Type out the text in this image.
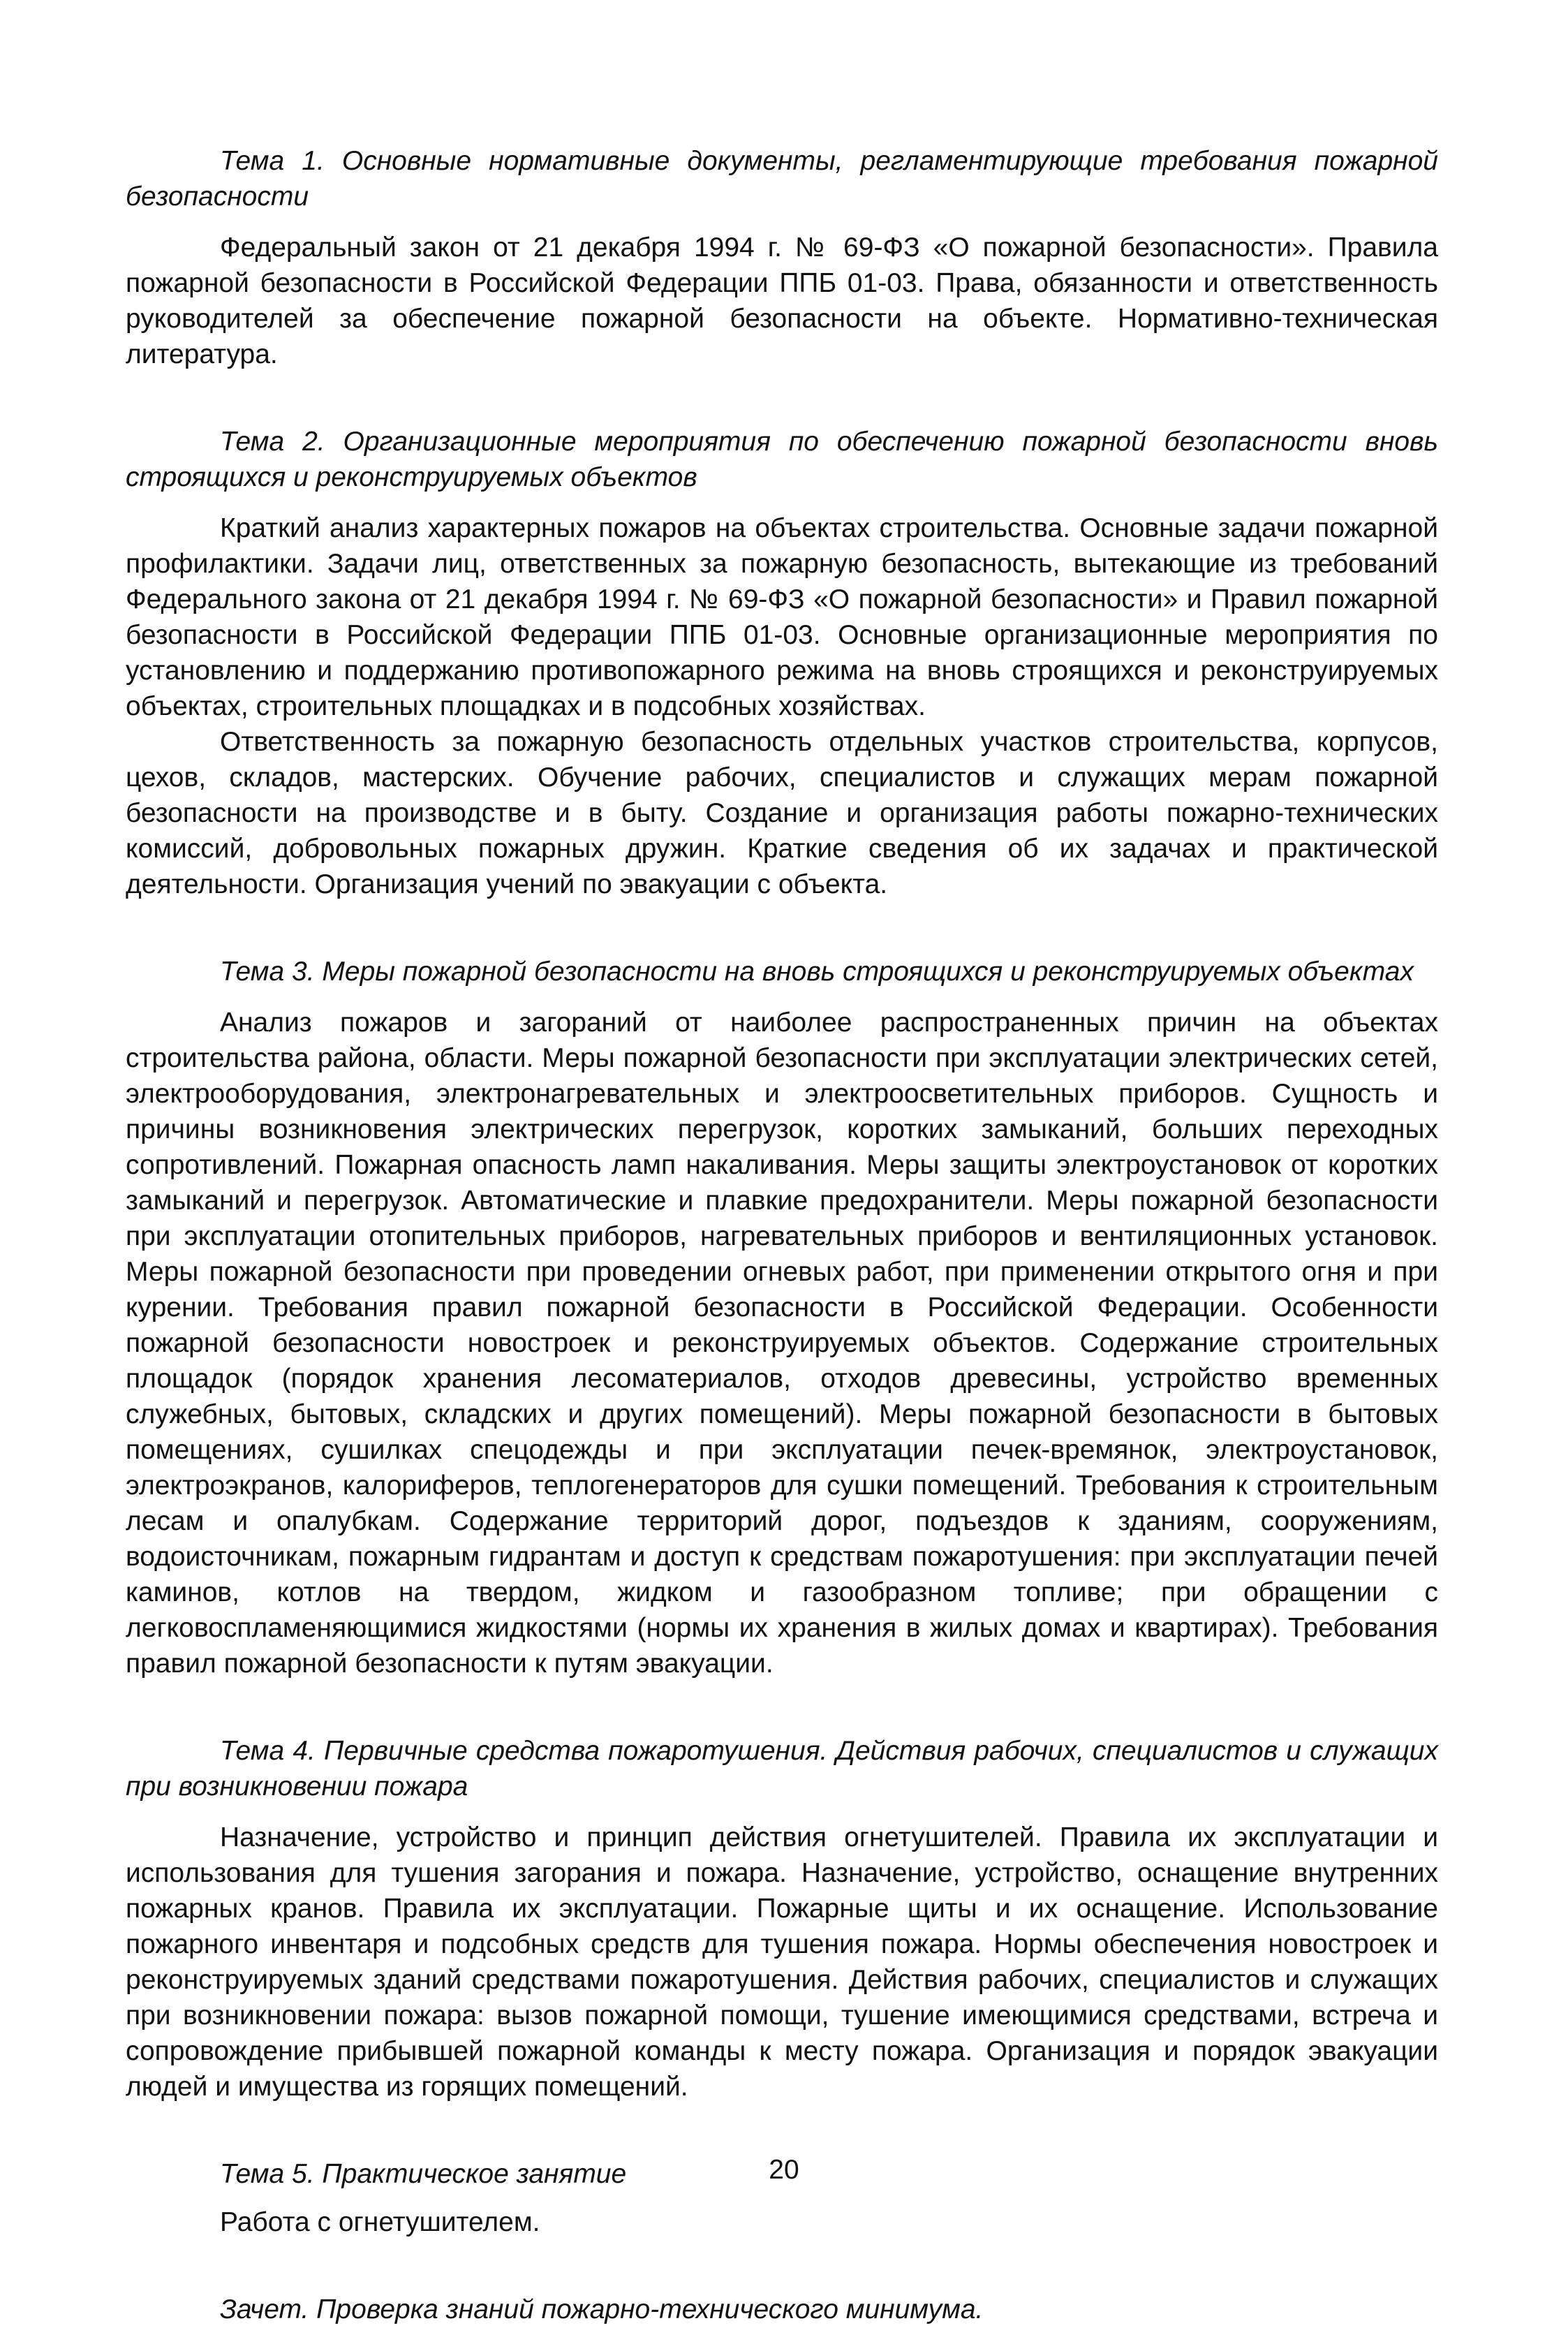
Тема 1. Основные нормативные документы, регламентирующие требования пожарной безопасности

Федеральный закон от 21 декабря 1994 г. № 69-ФЗ «О пожарной безопасности». Правила пожарной безопасности в Российской Федерации ППБ 01-03. Права, обязанности и ответственность руководителей за обеспечение пожарной безопасности на объекте. Нормативно-техническая литература.

Тема 2. Организационные мероприятия по обеспечению пожарной безопасности вновь строящихся и реконструируемых объектов

Краткий анализ характерных пожаров на объектах строительства. Основные задачи пожарной профилактики. Задачи лиц, ответственных за пожарную безопасность, вытекающие из требований Федерального закона от 21 декабря 1994 г. № 69-ФЗ «О пожарной безопасности» и Правил пожарной безопасности в Российской Федерации ППБ 01-03. Основные организационные мероприятия по установлению и поддержанию противопожарного режима на вновь строящихся и реконструируемых объектах, строительных площадках и в подсобных хозяйствах.

Ответственность за пожарную безопасность отдельных участков строительства, корпусов, цехов, складов, мастерских. Обучение рабочих, специалистов и служащих мерам пожарной безопасности на производстве и в быту. Создание и организация работы пожарно-технических комиссий, добровольных пожарных дружин. Краткие сведения об их задачах и практической деятельности. Организация учений по эвакуации с объекта.

Тема 3. Меры пожарной безопасности на вновь строящихся и реконструируемых объектах

Анализ пожаров и загораний от наиболее распространенных причин на объектах строительства района, области. Меры пожарной безопасности при эксплуатации электрических сетей, электрооборудования, электронагревательных и электроосветительных приборов. Сущность и причины возникновения электрических перегрузок, коротких замыканий, больших переходных сопротивлений. Пожарная опасность ламп накаливания. Меры защиты электроустановок от коротких замыканий и перегрузок. Автоматические и плавкие предохранители. Меры пожарной безопасности при эксплуатации отопительных приборов, нагревательных приборов и вентиляционных установок. Меры пожарной безопасности при проведении огневых работ, при применении открытого огня и при курении. Требования правил пожарной безопасности в Российской Федерации. Особенности пожарной безопасности новостроек и реконструируемых объектов. Содержание строительных площадок (порядок хранения лесоматериалов, отходов древесины, устройство временных служебных, бытовых, складских и других помещений). Меры пожарной безопасности в бытовых помещениях, сушилках спецодежды и при эксплуатации печек-времянок, электроустановок, электроэкранов, калориферов, теплогенераторов для сушки помещений. Требования к строительным лесам и опалубкам. Содержание территорий дорог, подъездов к зданиям, сооружениям, водоисточникам, пожарным гидрантам и доступ к средствам пожаротушения: при эксплуатации печей каминов, котлов на твердом, жидком и газообразном топливе; при обращении с легковоспламеняющимися жидкостями (нормы их хранения в жилых домах и квартирах). Требования правил пожарной безопасности к путям эвакуации.

Тема 4. Первичные средства пожаротушения. Действия рабочих, специалистов и служащих при возникновении пожара

Назначение, устройство и принцип действия огнетушителей. Правила их эксплуатации и использования для тушения загорания и пожара. Назначение, устройство, оснащение внутренних пожарных кранов. Правила их эксплуатации. Пожарные щиты и их оснащение. Использование пожарного инвентаря и подсобных средств для тушения пожара. Нормы обеспечения новостроек и реконструируемых зданий средствами пожаротушения. Действия рабочих, специалистов и служащих при возникновении пожара: вызов пожарной помощи, тушение имеющимися средствами, встреча и сопровождение прибывшей пожарной команды к месту пожара. Организация и порядок эвакуации людей и имущества из горящих помещений.

Тема 5. Практическое занятие

Работа с огнетушителем.

Зачет. Проверка знаний пожарно-технического минимума.

20
